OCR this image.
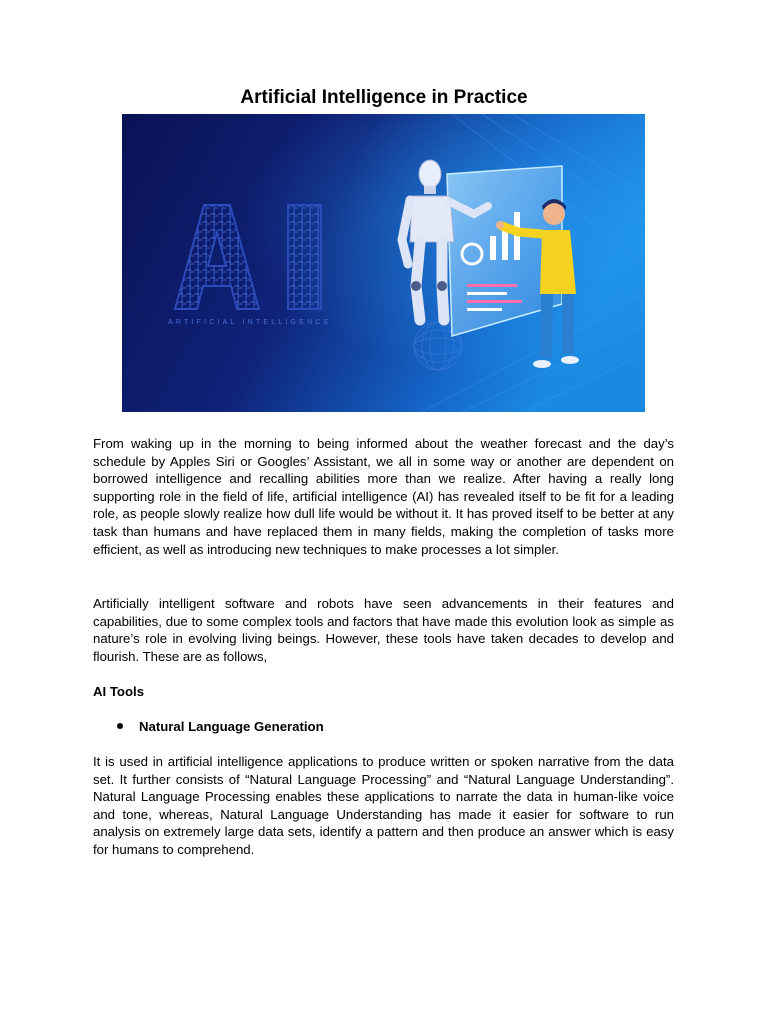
Artificial Intelligence in Practice
ARTIFICIAL INTELLIGENCE

From waking up in the morning to being informed about the weather forecast and the day’s schedule by Apples Siri or Googles’ Assistant, we all in some way or another are dependent on borrowed intelligence and recalling abilities more than we realize. After having a really long supporting role in the field of life, artificial intelligence (AI) has revealed itself to be fit for a leading role, as people slowly realize how dull life would be without it. It has proved itself to be better at any task than humans and have replaced them in many fields, making the completion of tasks more efficient, as well as introducing new techniques to make processes a lot simpler.

Artificially intelligent software and robots have seen advancements in their features and capabilities, due to some complex tools and factors that have made this evolution look as simple as nature’s role in evolving living beings. However, these tools have taken decades to develop and flourish. These are as follows,

AI Tools
Natural Language Generation

It is used in artificial intelligence applications to produce written or spoken narrative from the data set. It further consists of “Natural Language Processing” and “Natural Language Understanding”. Natural Language Processing enables these applications to narrate the data in human-like voice and tone, whereas, Natural Language Understanding has made it easier for software to run analysis on extremely large data sets, identify a pattern and then produce an answer which is easy for humans to comprehend.
